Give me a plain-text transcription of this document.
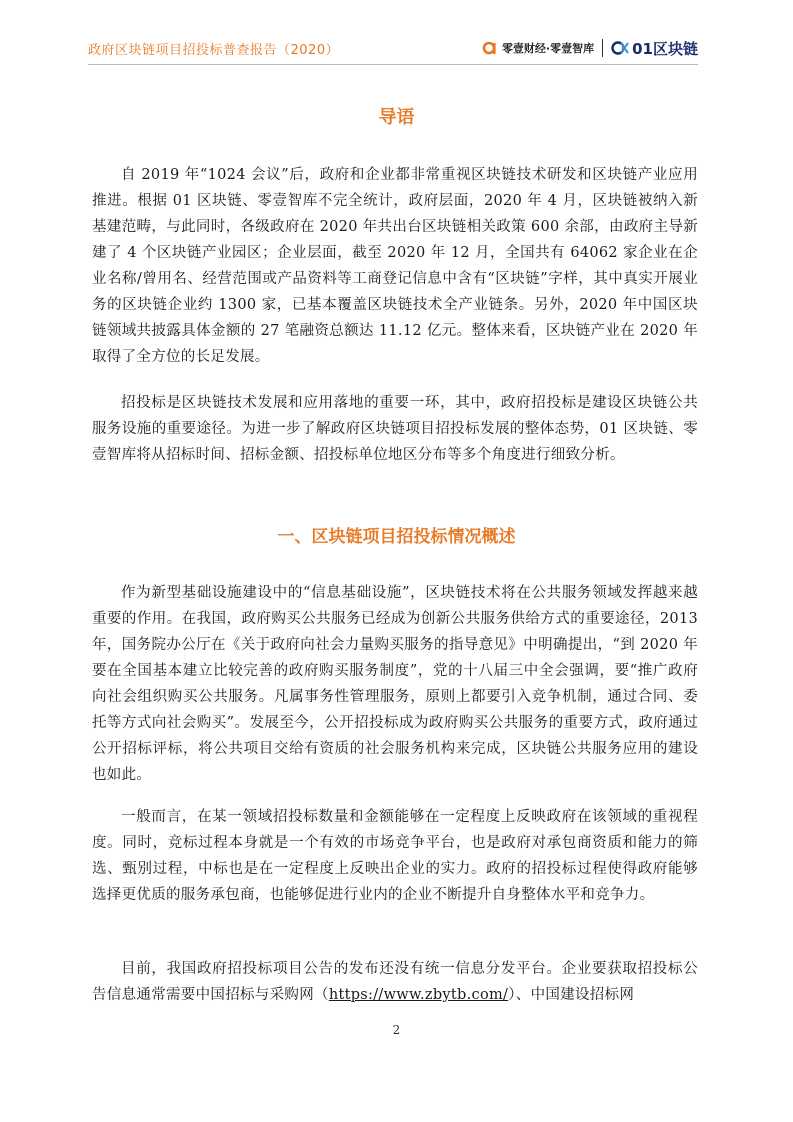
政府区块链项目招投标普查报告（2020）	零壹财经·零壹智库	01区块链
导语

自 2019 年“1024 会议”后，政府和企业都非常重视区块链技术研发和区块链产业应用推进。根据 01 区块链、零壹智库不完全统计，政府层面，2020 年 4 月，区块链被纳入新基建范畴，与此同时，各级政府在 2020 年共出台区块链相关政策 600 余部，由政府主导新建了 4 个区块链产业园区；企业层面，截至 2020 年 12 月，全国共有 64062 家企业在企业名称/曾用名、经营范围或产品资料等工商登记信息中含有“区块链”字样，其中真实开展业务的区块链企业约 1300 家，已基本覆盖区块链技术全产业链条。另外，2020 年中国区块链领域共披露具体金额的 27 笔融资总额达 11.12 亿元。整体来看，区块链产业在 2020 年取得了全方位的长足发展。

招投标是区块链技术发展和应用落地的重要一环，其中，政府招投标是建设区块链公共服务设施的重要途径。为进一步了解政府区块链项目招投标发展的整体态势，01 区块链、零壹智库将从招标时间、招标金额、招投标单位地区分布等多个角度进行细致分析。

一、区块链项目招投标情况概述

作为新型基础设施建设中的“信息基础设施”，区块链技术将在公共服务领域发挥越来越重要的作用。在我国，政府购买公共服务已经成为创新公共服务供给方式的重要途径，2013 年，国务院办公厅在《关于政府向社会力量购买服务的指导意见》中明确提出，“到 2020 年要在全国基本建立比较完善的政府购买服务制度”，党的十八届三中全会强调，要“推广政府向社会组织购买公共服务。凡属事务性管理服务，原则上都要引入竞争机制，通过合同、委托等方式向社会购买”。发展至今，公开招投标成为政府购买公共服务的重要方式，政府通过公开招标评标，将公共项目交给有资质的社会服务机构来完成，区块链公共服务应用的建设也如此。

一般而言，在某一领域招投标数量和金额能够在一定程度上反映政府在该领域的重视程度。同时，竞标过程本身就是一个有效的市场竞争平台，也是政府对承包商资质和能力的筛选、甄别过程，中标也是在一定程度上反映出企业的实力。政府的招投标过程使得政府能够选择更优质的服务承包商，也能够促进行业内的企业不断提升自身整体水平和竞争力。

目前，我国政府招投标项目公告的发布还没有统一信息分发平台。企业要获取招投标公告信息通常需要中国招标与采购网（https://www.zbytb.com/）、中国建设招标网

2
